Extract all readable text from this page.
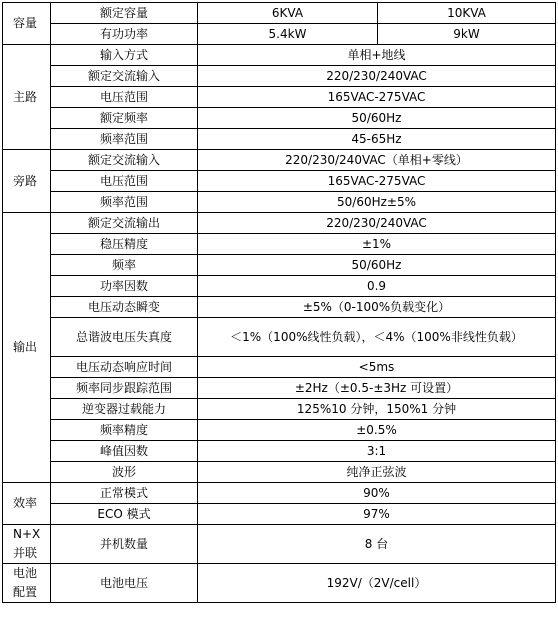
容量	额定容量	6KVA	10KVA
	有功功率	5.4kW	9kW
主路	输入方式	单相+地线	
	额定交流输入	220/230/240VAC	
	电压范围	165VAC-275VAC	
	额定频率	50/60Hz	
	频率范围	45-65Hz	
旁路	额定交流输入	220/230/240VAC（单相+零线）	
	电压范围	165VAC-275VAC	
	频率范围	50/60Hz±5%	
输出	额定交流输出	220/230/240VAC	
	稳压精度	±1%	
	频率	50/60Hz	
	功率因数	0.9	
	电压动态瞬变	±5%（0-100%负载变化）	
	总谐波电压失真度	＜1%（100%线性负载），＜4%（100%非线性负载）	
	电压动态响应时间	<5ms	
	频率同步跟踪范围	±2Hz（±0.5-±3Hz 可设置）	
	逆变器过载能力	125%10 分钟，150%1 分钟	
	频率精度	±0.5%	
	峰值因数	3:1	
	波形	纯净正弦波	
效率	正常模式	90%	
	ECO 模式	97%	

N+X
并联	并机数量	8 台	

电池
配置	电池电压	192V/（2V/cell）	
